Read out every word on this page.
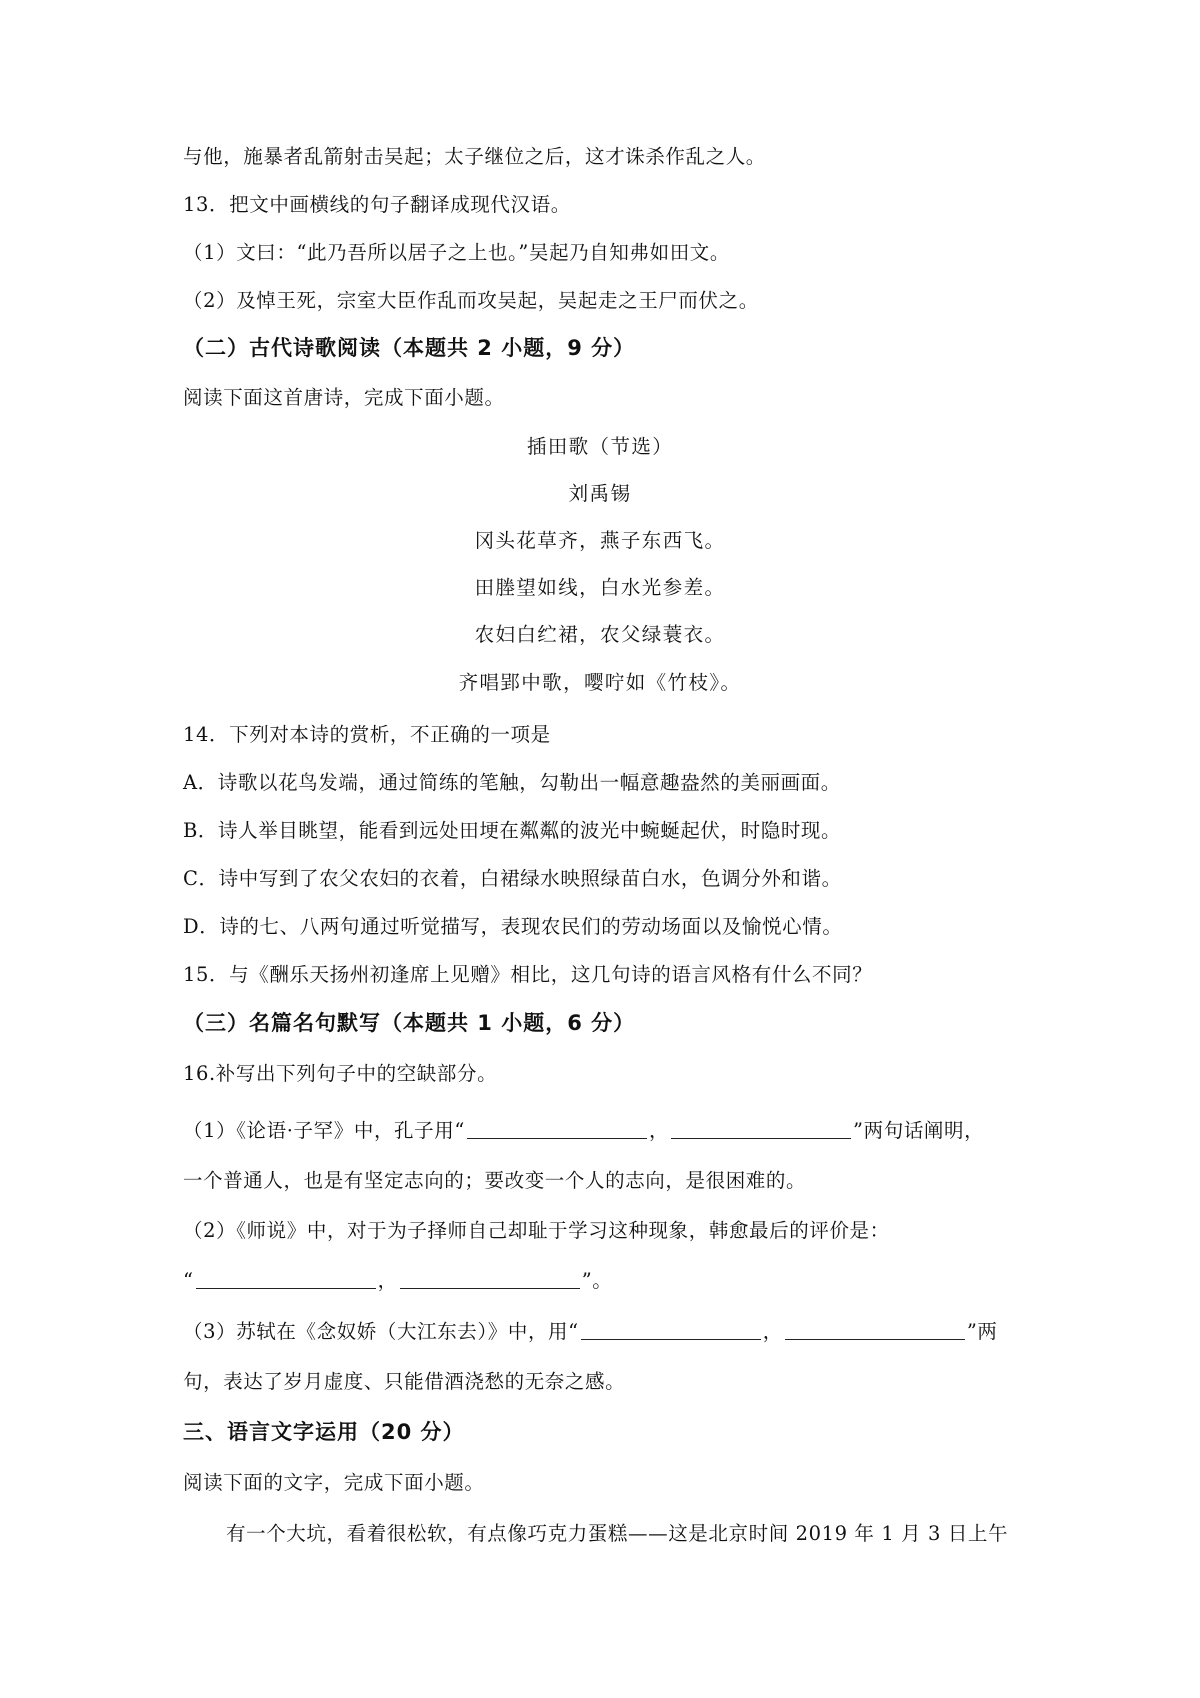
与他，施暴者乱箭射击吴起；太子继位之后，这才诛杀作乱之人。
13．把文中画横线的句子翻译成现代汉语。
（1）文曰：“此乃吾所以居子之上也。”吴起乃自知弗如田文。
（2）及悼王死，宗室大臣作乱而攻吴起，吴起走之王尸而伏之。
（二）古代诗歌阅读（本题共 2 小题，9 分）
阅读下面这首唐诗，完成下面小题。
插田歌（节选）
刘禹锡
冈头花草齐，燕子东西飞。
田塍望如线，白水光参差。
农妇白纻裙，农父绿蓑衣。
齐唱郢中歌，嘤咛如《竹枝》。
14．下列对本诗的赏析，不正确的一项是
A．诗歌以花鸟发端，通过简练的笔触，勾勒出一幅意趣盎然的美丽画面。
B．诗人举目眺望，能看到远处田埂在粼粼的波光中蜿蜒起伏，时隐时现。
C．诗中写到了农父农妇的衣着，白裙绿水映照绿苗白水，色调分外和谐。
D．诗的七、八两句通过听觉描写，表现农民们的劳动场面以及愉悦心情。
15．与《酬乐天扬州初逢席上见赠》相比，这几句诗的语言风格有什么不同？
（三）名篇名句默写（本题共 1 小题，6 分）
16.补写出下列句子中的空缺部分。
（1）《论语·子罕》中，孔子用“	，	”两句话阐明，
一个普通人，也是有坚定志向的；要改变一个人的志向，是很困难的。
（2）《师说》中，对于为子择师自己却耻于学习这种现象，韩愈最后的评价是：
“	，	”。
（3）苏轼在《念奴娇（大江东去）》中，用“	，	”两
句，表达了岁月虚度、只能借酒浇愁的无奈之感。
三、语言文字运用（20 分）
阅读下面的文字，完成下面小题。
有一个大坑，看着很松软，有点像巧克力蛋糕——这是北京时间 2019 年 1 月 3 日上午
